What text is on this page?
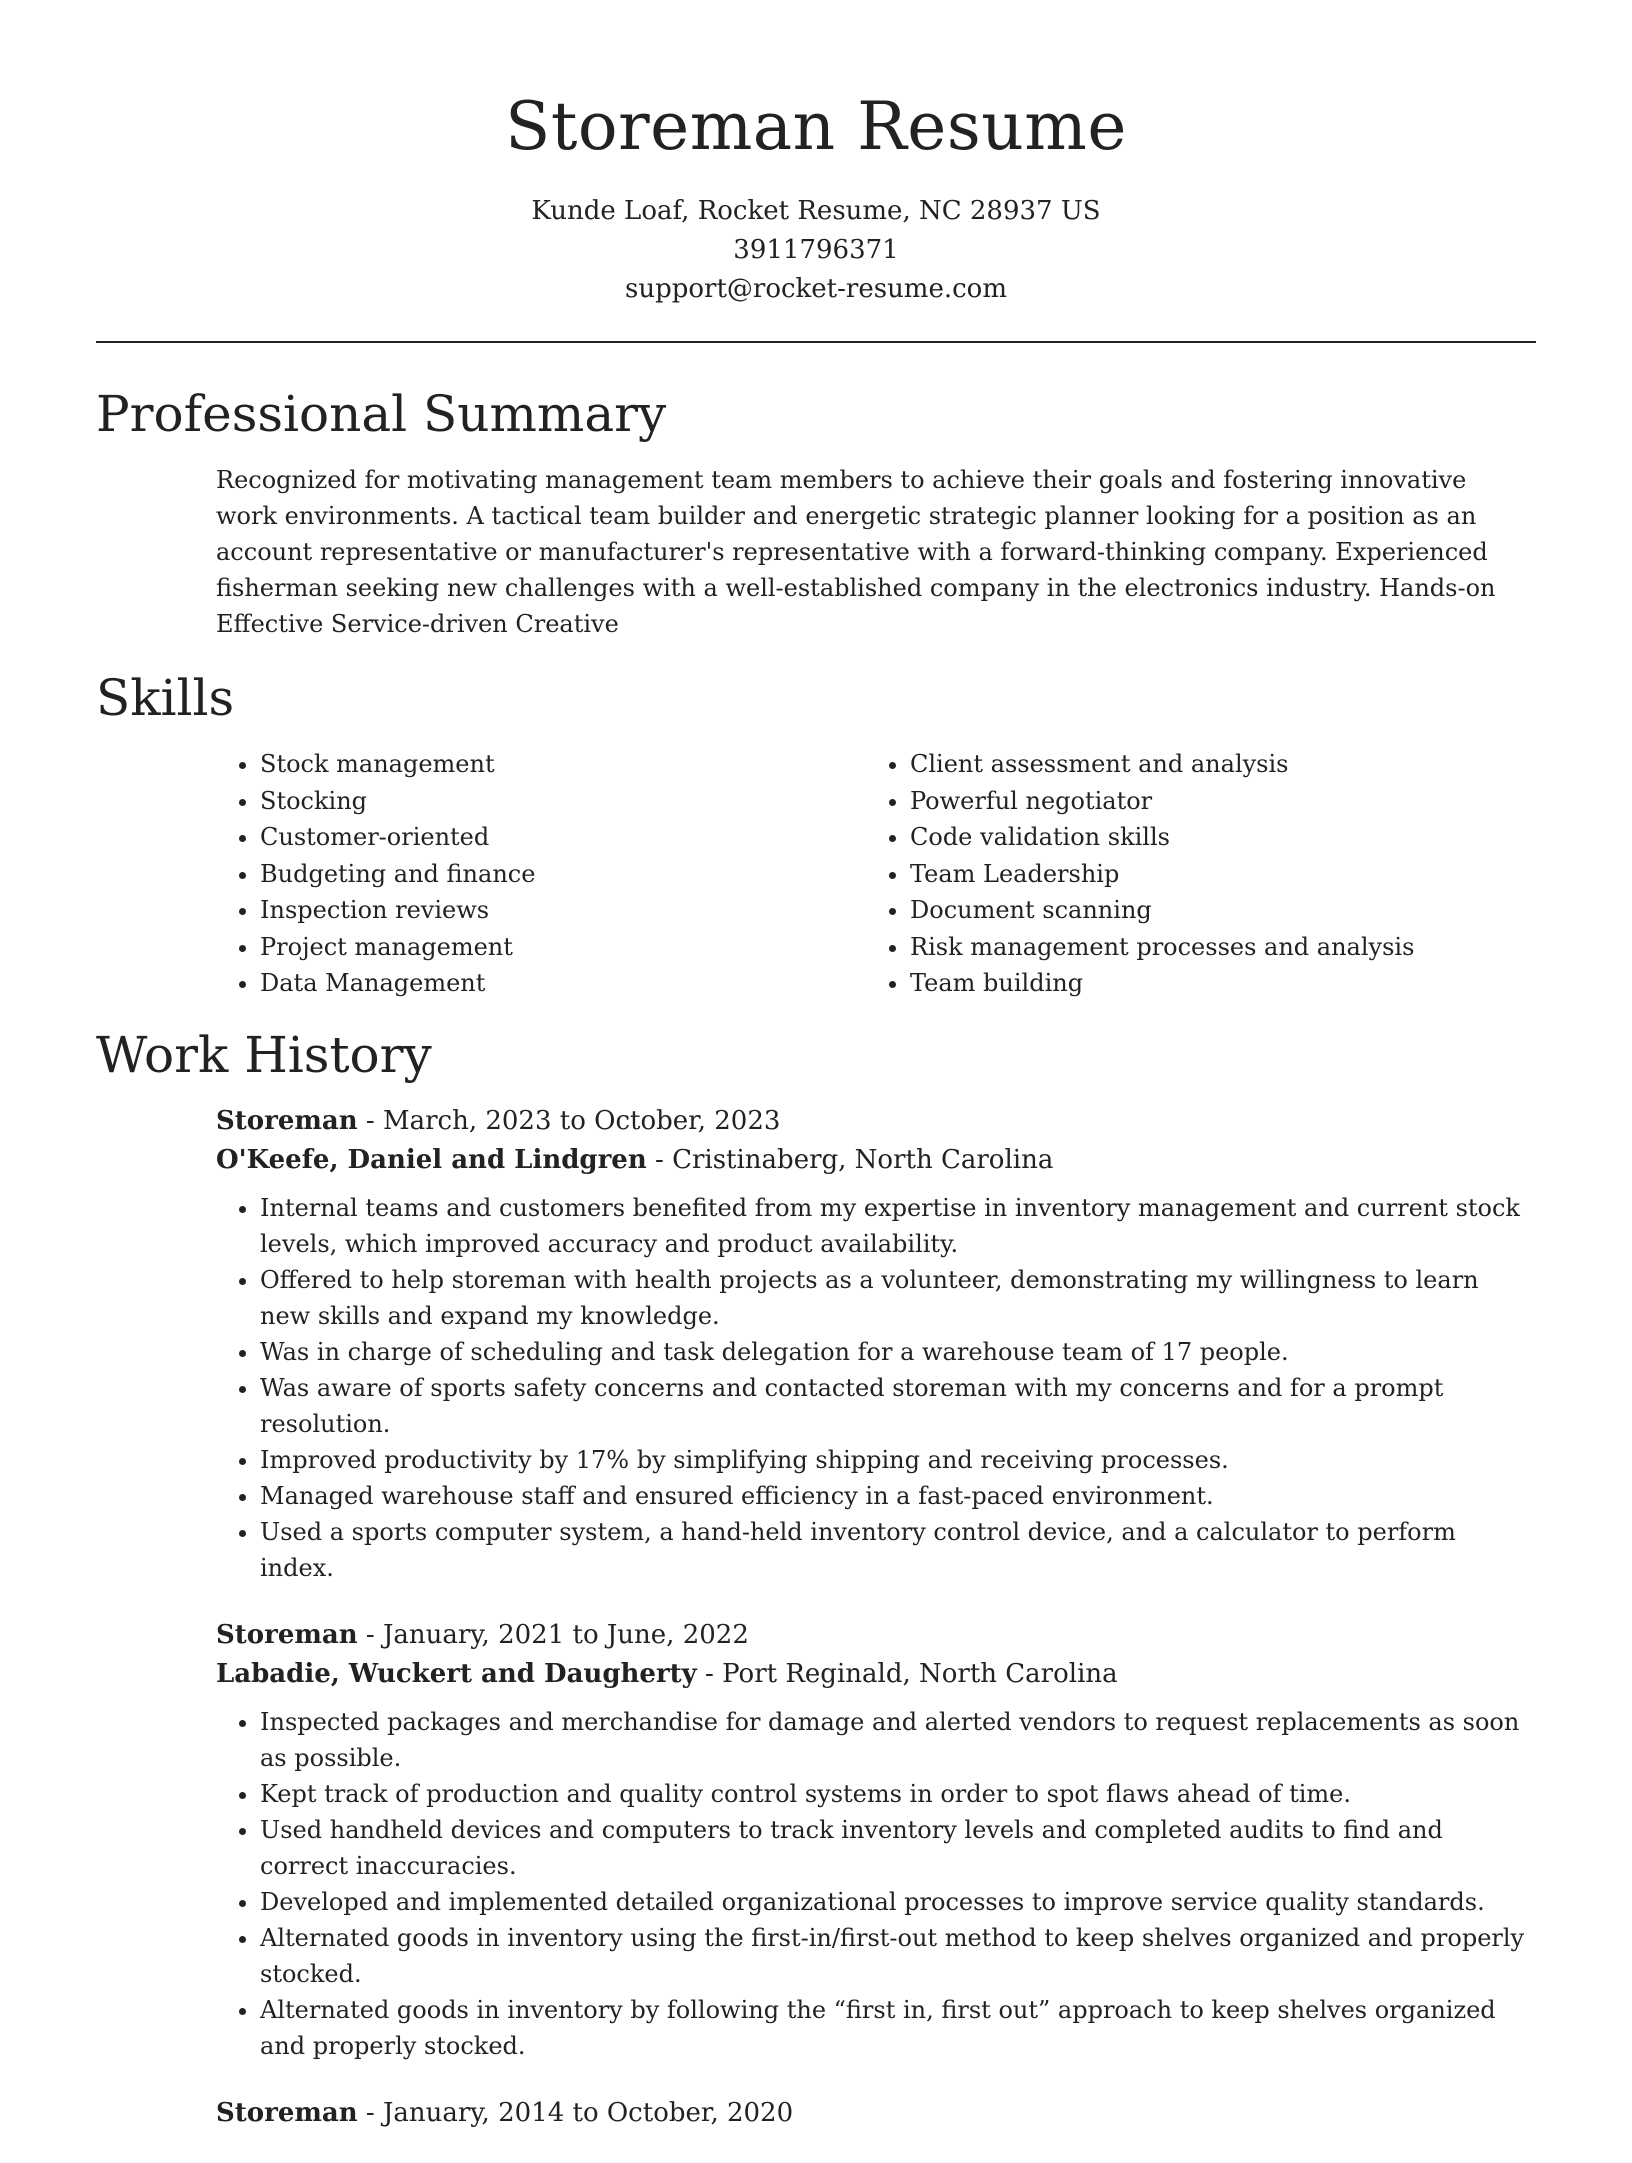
Storeman Resume
Kunde Loaf, Rocket Resume, NC 28937 US
3911796371
support@rocket-resume.com
Professional Summary

Recognized for motivating management team members to achieve their goals and fostering innovative work environments. A tactical team builder and energetic strategic planner looking for a position as an account representative or manufacturer's representative with a forward-thinking company. Experienced fisherman seeking new challenges with a well-established company in the electronics industry. Hands-on Effective Service-driven Creative

Skills
• Stock management
• Stocking
• Customer-oriented
• Budgeting and finance
• Inspection reviews
• Project management
• Data Management
• Client assessment and analysis
• Powerful negotiator
• Code validation skills
• Team Leadership
• Document scanning
• Risk management processes and analysis
• Team building
Work History

Storeman - March, 2023 to October, 2023

O'Keefe, Daniel and Lindgren - Cristinaberg, North Carolina

• Internal teams and customers benefited from my expertise in inventory management and current stock levels, which improved accuracy and product availability.
• Offered to help storeman with health projects as a volunteer, demonstrating my willingness to learn new skills and expand my knowledge.
• Was in charge of scheduling and task delegation for a warehouse team of 17 people.
• Was aware of sports safety concerns and contacted storeman with my concerns and for a prompt resolution.
• Improved productivity by 17% by simplifying shipping and receiving processes.
• Managed warehouse staff and ensured efficiency in a fast-paced environment.
• Used a sports computer system, a hand-held inventory control device, and a calculator to perform index.

Storeman - January, 2021 to June, 2022

Labadie, Wuckert and Daugherty - Port Reginald, North Carolina

• Inspected packages and merchandise for damage and alerted vendors to request replacements as soon as possible.
• Kept track of production and quality control systems in order to spot flaws ahead of time.
• Used handheld devices and computers to track inventory levels and completed audits to find and correct inaccuracies.
• Developed and implemented detailed organizational processes to improve service quality standards.
• Alternated goods in inventory using the first-in/first-out method to keep shelves organized and properly stocked.
• Alternated goods in inventory by following the “first in, first out” approach to keep shelves organized and properly stocked.

Storeman - January, 2014 to October, 2020
